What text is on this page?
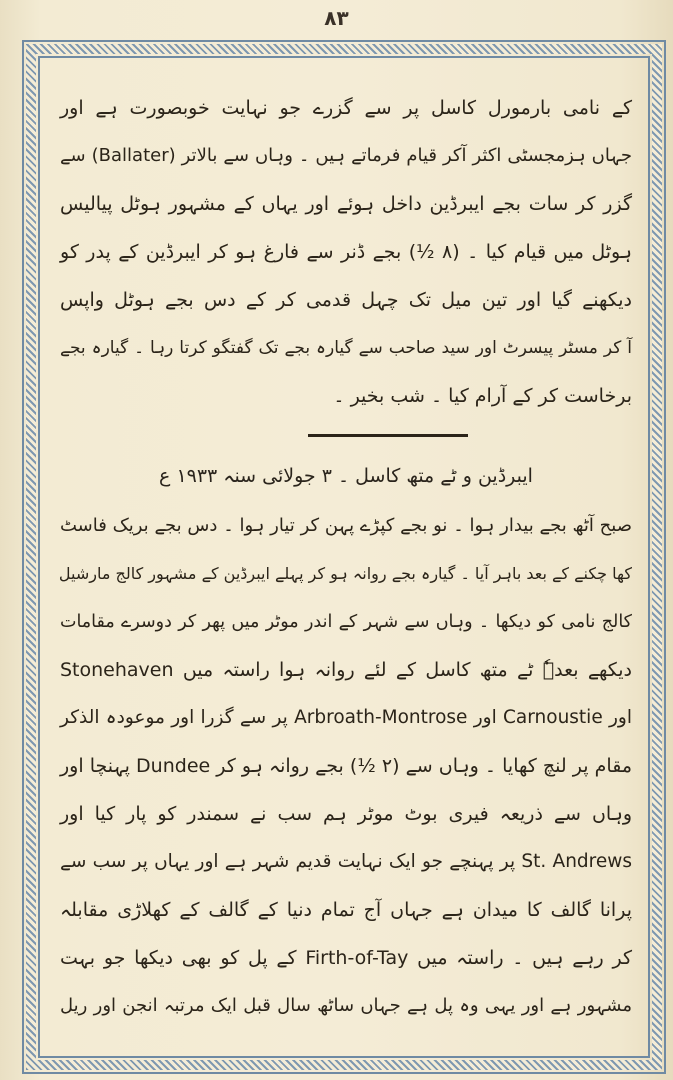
۸۳
کے نامی بارمورل کاسل پر سے گزرے جو نہایت خوبصورت ہے اور
جہاں ہزمجسٹی اکثر آکر قیام فرماتے ہیں ۔ وہاں سے بالاتر (Ballater) سے
گزر کر سات بجے ایبرڈین داخل ہوئے اور یہاں کے مشہور ہوٹل پیالیس
ہوٹل میں قیام کیا ۔ (۸ ½) بجے ڈنر سے فارغ ہو کر ایبرڈین کے پدر کو
دیکھنے گیا اور تین میل تک چہل قدمی کر کے دس بجے ہوٹل واپس
آ کر مسٹر پیسرٹ اور سید صاحب سے گیارہ بجے تک گفتگو کرتا رہا ۔ گیارہ بجے
برخاست کر کے آرام کیا ۔ شب بخیر ۔
ایبرڈین و ٹے متھ کاسل ۔ ۳ جولائی سنہ ۱۹۳۳ ع
صبح آٹھ بجے بیدار ہوا ۔ نو بجے کپڑے پہن کر تیار ہوا ۔ دس بجے بریک فاسٹ
کھا چکنے کے بعد باہر آیا ۔ گیارہ بجے روانہ ہو کر پہلے ایبرڈین کے مشہور کالج مارشیل
کالج نامی کو دیکھا ۔ وہاں سے شہر کے اندر موٹر میں پھر کر دوسرے مقامات
دیکھے بعدہٗ ٹے متھ کاسل کے لئے روانہ ہوا راستہ میں Stonehaven
اور Carnoustie اور Arbroath-Montrose پر سے گزرا اور موعودہ الذکر
مقام پر لنچ کھایا ۔ وہاں سے (۲ ½) بجے روانہ ہو کر Dundee پہنچا اور
وہاں سے ذریعہ فیری بوٹ موٹر ہم سب نے سمندر کو پار کیا اور
St. Andrews پر پہنچے جو ایک نہایت قدیم شہر ہے اور یہاں پر سب سے
پرانا گالف کا میدان ہے جہاں آج تمام دنیا کے گالف کے کھلاڑی مقابلہ
کر رہے ہیں ۔ راستہ میں Firth-of-Tay کے پل کو بھی دیکھا جو بہت
مشہور ہے اور یہی وہ پل ہے جہاں ساٹھ سال قبل ایک مرتبہ انجن اور ریل
